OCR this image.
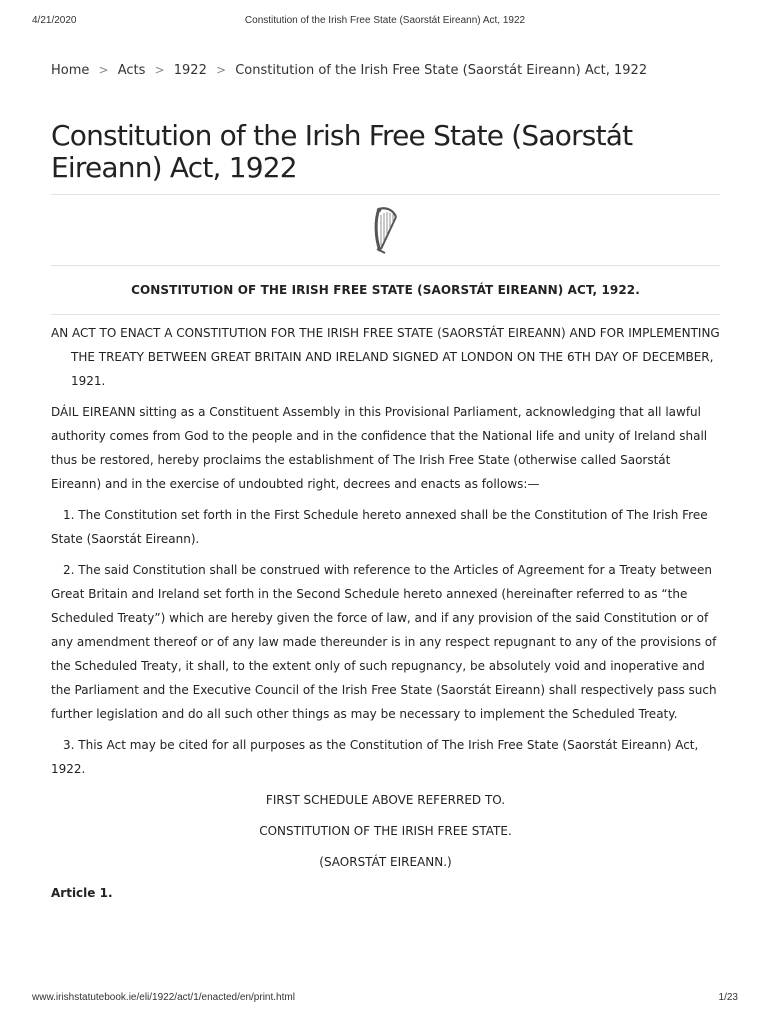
4/21/2020	Constitution of the Irish Free State (Saorstát Eireann) Act, 1922
Home > Acts > 1922 > Constitution of the Irish Free State (Saorstát Eireann) Act, 1922
Constitution of the Irish Free State (Saorstát Eireann) Act, 1922
CONSTITUTION OF THE IRISH FREE STATE (SAORSTÁT EIREANN) ACT, 1922.
AN ACT TO ENACT A CONSTITUTION FOR THE IRISH FREE STATE (SAORSTÁT EIREANN) AND FOR IMPLEMENTING THE TREATY BETWEEN GREAT BRITAIN AND IRELAND SIGNED AT LONDON ON THE 6TH DAY OF DECEMBER, 1921.

DÁIL EIREANN sitting as a Constituent Assembly in this Provisional Parliament, acknowledging that all lawful authority comes from God to the people and in the confidence that the National life and unity of Ireland shall thus be restored, hereby proclaims the establishment of The Irish Free State (otherwise called Saorstát Eireann) and in the exercise of undoubted right, decrees and enacts as follows:—

1. The Constitution set forth in the First Schedule hereto annexed shall be the Constitution of The Irish Free State (Saorstát Eireann).

2. The said Constitution shall be construed with reference to the Articles of Agreement for a Treaty between Great Britain and Ireland set forth in the Second Schedule hereto annexed (hereinafter referred to as “the Scheduled Treaty”) which are hereby given the force of law, and if any provision of the said Constitution or of any amendment thereof or of any law made thereunder is in any respect repugnant to any of the provisions of the Scheduled Treaty, it shall, to the extent only of such repugnancy, be absolutely void and inoperative and the Parliament and the Executive Council of the Irish Free State (Saorstát Eireann) shall respectively pass such further legislation and do all such other things as may be necessary to implement the Scheduled Treaty.

3. This Act may be cited for all purposes as the Constitution of The Irish Free State (Saorstát Eireann) Act, 1922.

FIRST SCHEDULE ABOVE REFERRED TO.

CONSTITUTION OF THE IRISH FREE STATE.

(SAORSTÁT EIREANN.)

Article 1.
www.irishstatutebook.ie/eli/1922/act/1/enacted/en/print.html	1/23
